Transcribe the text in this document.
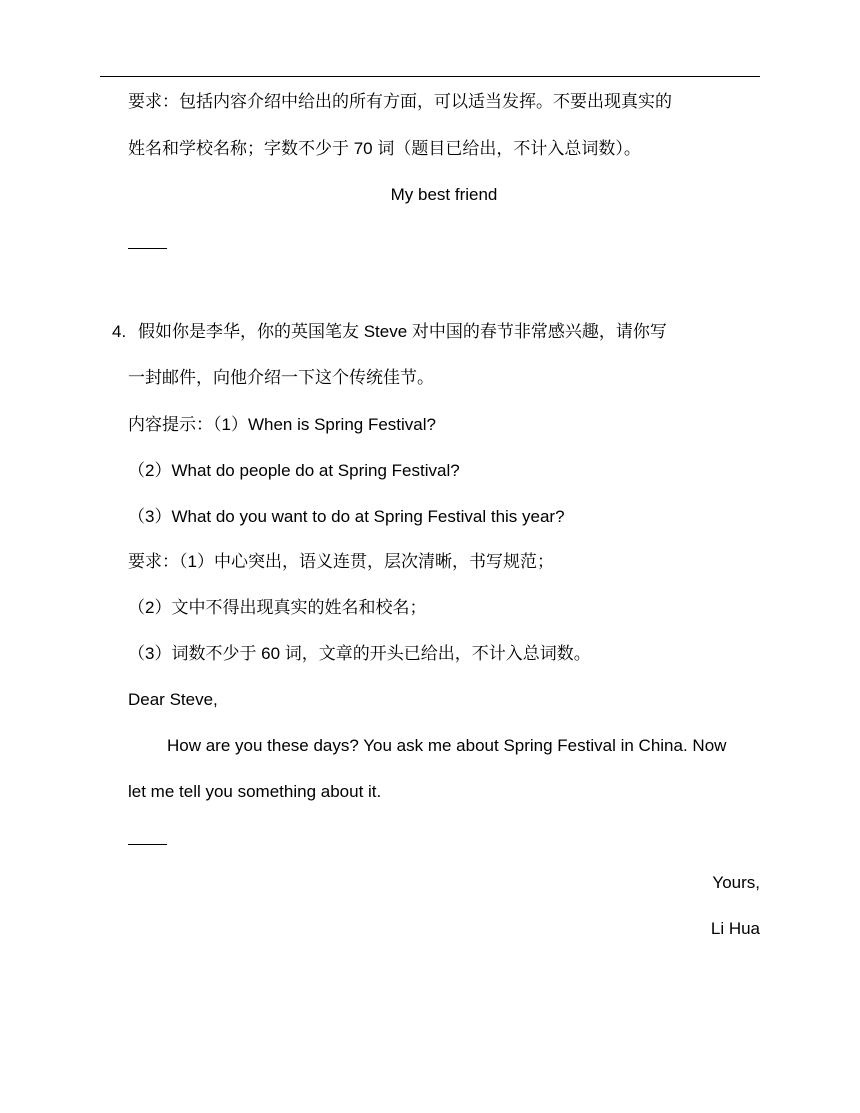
要求：包括内容介绍中给出的所有方面，可以适当发挥。不要出现真实的
姓名和学校名称；字数不少于 70 词（题目已给出，不计入总词数）。
My best friend
4. 假如你是李华，你的英国笔友 Steve 对中国的春节非常感兴趣，请你写
一封邮件，向他介绍一下这个传统佳节。
内容提示：（1）When is Spring Festival?
（2）What do people do at Spring Festival?
（3）What do you want to do at Spring Festival this year?
要求：（1）中心突出，语义连贯，层次清晰，书写规范；
（2）文中不得出现真实的姓名和校名；
（3）词数不少于 60 词，文章的开头已给出，不计入总词数。
Dear Steve,
How are you these days? You ask me about Spring Festival in China. Now
let me tell you something about it.
Yours,
Li Hua
